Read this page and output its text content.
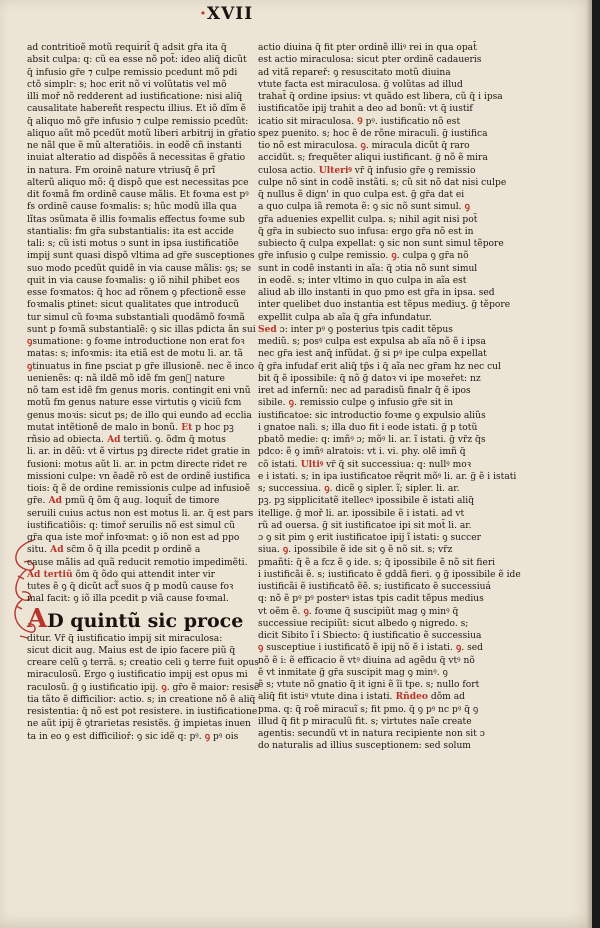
·XVII
ad contritioẽ motũ requirit̃ q̃ adsit gr̃a ita q̃
absit culpa: q: cũ ea esse nõ pot̃: ideo aliq̃ dicũt
q̃ infusio gr̃e ⁊ culpe remissio pcedunt mõ pdi
ctõ simplr: s; hoc erit nõ vi volũtatis vel mõ
illi moř nõ redderent ad iustificatione: nisi aliq̃
causalitate habereñt respectu illius. Et iõ dĩm ẽ
q̃ aliquo mõ gr̃e infusio ⁊ culpe remissio pcedũt:
aliquo aũt mõ pcedũt motũ liberi arbitrij in gr̃atio
ne nãl que ẽ mũ alteratiõis. in eodẽ cñ instanti
inuiat alteratio ad dispõẽs ã necessitas ẽ gr̃atio
in natura. Fm oroinẽ nature vtriusq̃ ẽ prĩ
alterũ aliquo mõ: q̃ dispõ que est necessitas pce
dit foꝛmã fm ordinẽ cause mãlis. Et foꝛma est pꝰ
fs ordinẽ cause foꝛmalis: s; hũc modũ illa qua
lĩtas ↄsũmata ẽ illis foꝛmalis effectus foꝛme sub
stantialis: fm gr̃a substantialis: ita est accide
tali: s; cũ isti motus ↄ sunt in ipsa iustificatiõe
impij sunt quasi dispõ vltima ad gr̃e susceptiones
suo modo pcedũt quidẽ in via cause mãlis: ꝯs; se
quit in via cause foꝛmalis: ꝯ iõ nihil phibet eos
esse foꝛmatos: q̃ hoc ad rõnem ꝯ pfectionẽ esse
foꝛmalis ꝑtinet: sicut qualitates que introducũ
tur simul cũ foꝛma substantiali quodãmõ foꝛmã
sunt p foꝛmã substantialẽ: ꝯ sic illas pdicta ãn sui
ꝯsumatione: ꝯ foꝛme introductione non erat foꝛ
matas: s; infoꝛmis: ita etiã est de motu li. ar. tã
ꝯtinuatus in fine psciat p gr̃e illusionẽ. nec ẽ inco
uenienẽs: q: nã ildẽ mõ idẽ fm gen᷑ nature
nõ tam est idẽ fm genus moris. contingit eni vnũ
motũ fm genus nature esse virtutis ꝯ viciũ fcm
genus moꝛis: sicut ps; de illo qui eundo ad ecclia
mutat intẽtionẽ de malo in bonũ. Et p hoc pꝫ
rñsio ad obiecta. Ad tertiũ. ꝯ. õdm q̃ motus
li. ar. in dẽũ: vt ẽ virtus pꝫ directe ridet gratie in
fusioni: motus aũt li. ar. in pctm directe ridet re
missioni culpe: vn ẽadẽ rõ est de ordinẽ iustifica
tiois: q̃ ẽ de ordine remissionis culpe ad infusioẽ
gr̃e. Ad pmũ q̃ õm q̃ aug. loquit̃ de timore
seruili cuius actus non est motus li. ar. q̃ est pars
iustificatiõis: q: timoř seruilis nõ est simul cũ
gr̃a qua iste moř infoꝛmat: ꝯ iõ non est ad ppo
situ. Ad sc̃m õ q̃ illa pcedit p ordinẽ a
cause mãlis ad quã reducit remotio impedimẽti.
Ad tertiũ õm q̃ õdo qui attendit inter vir
tutes ẽ ꝯ q̃ dicũt act᷑ suos q̃ p modũ cause foꝛ
mal facit: ꝯ iõ illa pcedit p viã cause foꝛmal.
AD quintũ sic proce
ditur. Vr̃ q̃ iustificatio impij sit miraculosa:
sicut dicit aug. Maius est de ipio facere piũ q̃
creare celũ ꝯ terrã. s; creatio celi ꝯ terre fuit opus
miraculosũ. Ergo ꝯ iustificatio impij est opus mi
raculosũ. g̃ ꝯ iustificatio ipij. ꝯ. gr̃o ẽ maior: resisẽ
tia tãto ẽ difficilior: actio. s; in creatione nõ ẽ aliq̃
resistentia: q̃ nõ est pot resistere. in iustificatione
ne aũt ipij ẽ ꝯtrarietas resistẽs. g̃ impietas inuen
ta in eo ꝯ est difficilioř: ꝯ sic idẽ q: pꝰ. ꝯ pꝰ ois
actio diuina q̃ fit pter ordinẽ illiꝰ rei in qua opat̃
est actio miraculosa: sicut pter ordinẽ cadaueris
ad vitã repareř: ꝯ resuscitato motũ diuina
vtute facta est miraculosa. g̃ volũtas ad illud
trahat̃ q̃ ordine ipsius: vt quãdo est libera, cũ q̃ i ipsa
iustificatõe ipij trahit a deo ad bonũ: vt q̃ iustif
icatio sit miraculosa. Ꝯ pꝰ. iustificatio nõ est
spez puenito. s; hoc ẽ de rõne miraculi. g̃ iustifica
tio nõ est miraculosa. ꝯ. miracula dicũt q̃ raro
accidũt. s; frequẽter aliqui iustificant. g̃ nõ ẽ mira
culosa actio. Ulteriꝰ vr̃ q̃ infusio gr̃e ꝯ remissio
culpe nõ sint in codẽ instãti. s; cũ sit nõ dat nisi culpe
q̃ nullus ẽ dign' in quo culpa est. g̃ gr̃a dat ei
a quo culpa iã remota ẽ: ꝯ sic nõ sunt simul. ꝯ
gr̃a aduenies expellit culpa. s; nihil agit nisi pot̃
q̃ gr̃a in subiecto suo infusa: ergo gr̃a nõ est in
subiecto q̃ culpa expellat: ꝯ sic non sunt simul tẽpore
gr̃e infusio ꝯ culpe remissio. ꝯ. culpa ꝯ gr̃a nõ
sunt in codẽ instanti in aĩa: q̃ ɔtia nõ sunt simul
in eodẽ. s; inter vltimo in quo culpa in aĩa est
aliud ab illo instanti in quo pmo est gr̃a in ipsa. sed
inter quelibet duo instantia est tẽpus mediuʒ. g̃ tẽpore
expellit culpa ab aĩa q̃ gr̃a infundatur.
Sed ɔ: inter pꝰ ꝯ posterius tpis cadit tẽpus
mediũ. s; posꝰ culpa est expulsa ab aĩa nõ ẽ i ipsa
nec gr̃a iest anq̃ infũdat. g̃ si pꝰ ipe culpa expellat
q̃ gr̃a infudaf erit aliq̃ tp̃s i q̃ aĩa nec gr̃am hz nec cul
bit q̃ ẽ ipossibile: q̃ nõ g̃ datoꝛ vi ipe moꝛeřet: nz
iret ad infernũ: nec ad paradisũ finalr q̃ ẽ ipos
sibile. ꝯ. remissio culpe ꝯ infusio gr̃e sit in
iustificatoe: sic introductio foꝛme ꝯ expulsio aliũs
i gnatoe nali. s; illa duo fit i eode istati. g̃ p totũ
pbatõ medie: q: imñꝰ ɔ; mõꝰ li. ar. ĩ istati. g̃ vr̃z q̃s
pdco: ẽ ꝯ imñꝰ alratois: vt i. vi. phy. olẽ imñ q̃
cõ istati. Ultiꝰ vr̃ q̃ sit successiua: q: nullꝰ moꝛ
e i istati. s; in ipa iustificatoe rẽqrit mõꝰ li. ar. g̃ ẽ i istati
s; successiua. ꝯ. dicẽ ꝯ sipler. ĩ; sipler. li. ar.
pꝫ. pꝫ sipplicitatẽ itellecꝰ ipossibile ẽ istati aliq̃
itellige. g̃ moř li. ar. ipossibile ẽ i istati. ad vt
rũ ad ouersa. g̃ sit iustificatoe ipi sit mot̃ li. ar.
ɔ ꝯ sit pim ꝯ erit iustificatoe ipij ĩ istati: ꝯ succer
siua. ꝯ. ipossibile ẽ ide sit ꝯ ẽ nõ sit. s; vr̃z
pmañti: q̃ ẽ a fcz ẽ ꝯ ide. s; q̃ ipossibile ẽ nõ sit fieri
i iustificãi ẽ. s; iustificato ẽ gddã fieri. ꝯ g̃ ipossibile ẽ ide
iustificãi ẽ iustificatõ ẽẽ. s; iustificato ẽ successiuá
q: nõ ẽ pꝰ pꝰ posterꝰ istas tpis cadit tẽpus medius
vt oẽm ẽ. ꝯ. foꝛme q̃ suscipiũt mag ꝯ minꝰ q̃
successiue recipiũt: sicut albedo ꝯ nigredo. s;
dicit Sibito ĩ i Sbiecto: q̃ iustificatio ẽ successiua
ꝯ susceptiue i iustificatõ ẽ ipij nõ ẽ i istati. ꝯ. sed
nõ ẽ i: ẽ efficacio ẽ vtꝰ diuina ad agẽdu q̃ vtꝰ nõ
ẽ vt inmitate g̃ gr̃a suscipit mag ꝯ minꝰ. ꝯ
ẽ s; vtute nõ gnatio q̃ it igni ẽ ĩi tpe. s; nullo fort
aliq̃ fit istiꝰ vtute dina i istati. Rñdeo dõm ad
pma. q: q̃ roẽ miracuĩ s; fit pmo. q̃ ꝯ pꝰ nc pꝰ q̃ ꝯ
illud q̃ fit p miraculũ fit. s; virtutes naĩe create
agentis: secundũ vt in natura recipiente non sit ɔ
do naturalis ad illius susceptionem: sed solum
